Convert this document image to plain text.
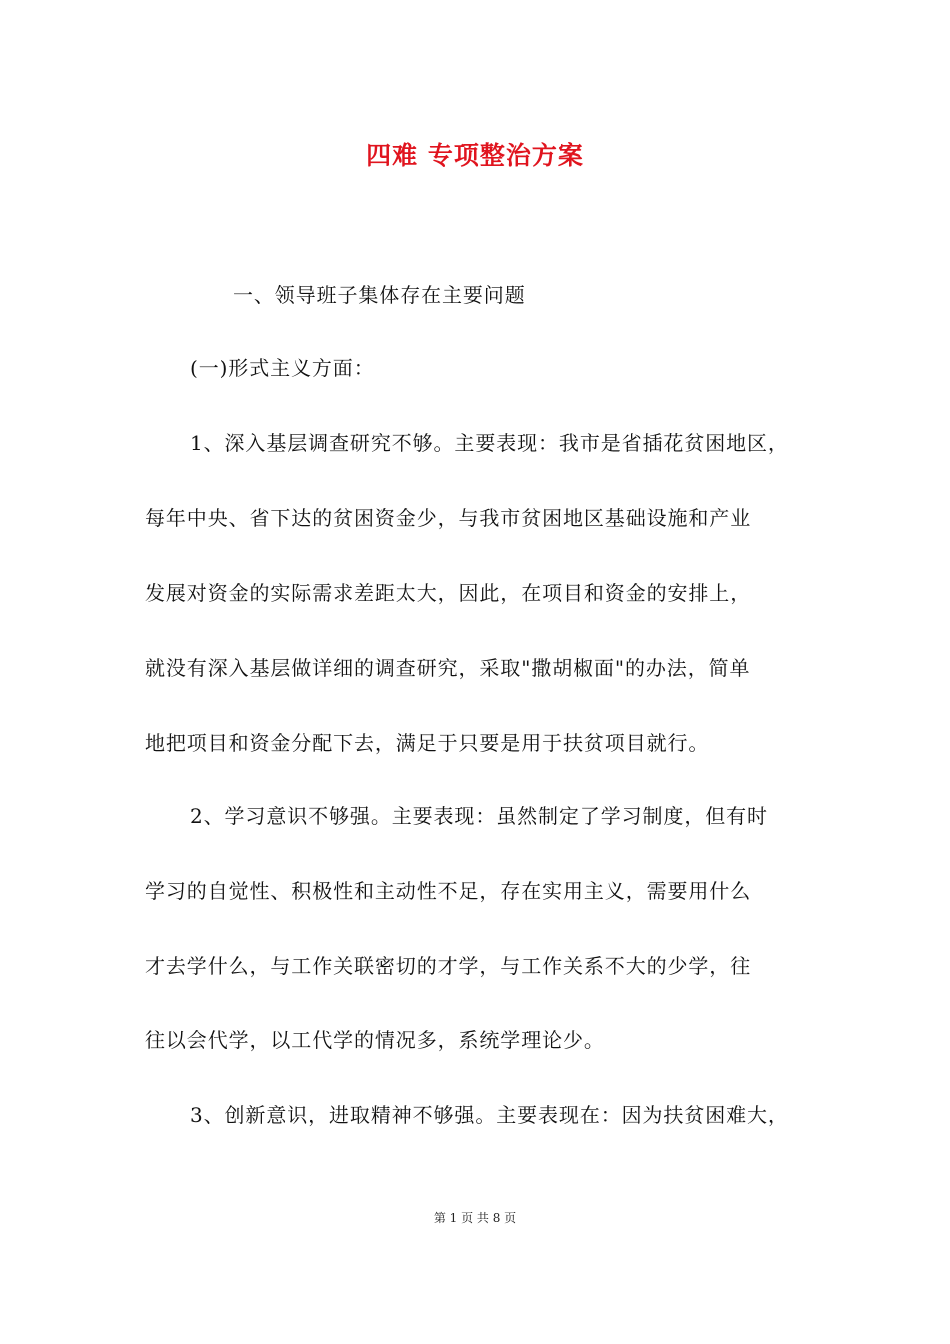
四难 专项整治方案
一、领导班子集体存在主要问题
(一)形式主义方面：
1、深入基层调查研究不够。主要表现：我市是省插花贫困地区，
每年中央、省下达的贫困资金少，与我市贫困地区基础设施和产业
发展对资金的实际需求差距太大，因此，在项目和资金的安排上，
就没有深入基层做详细的调查研究，采取"撒胡椒面"的办法，简单
地把项目和资金分配下去，满足于只要是用于扶贫项目就行。
2、学习意识不够强。主要表现：虽然制定了学习制度，但有时
学习的自觉性、积极性和主动性不足，存在实用主义，需要用什么
才去学什么，与工作关联密切的才学，与工作关系不大的少学，往
往以会代学，以工代学的情况多，系统学理论少。
3、创新意识，进取精神不够强。主要表现在：因为扶贫困难大，
第 1 页 共 8 页
